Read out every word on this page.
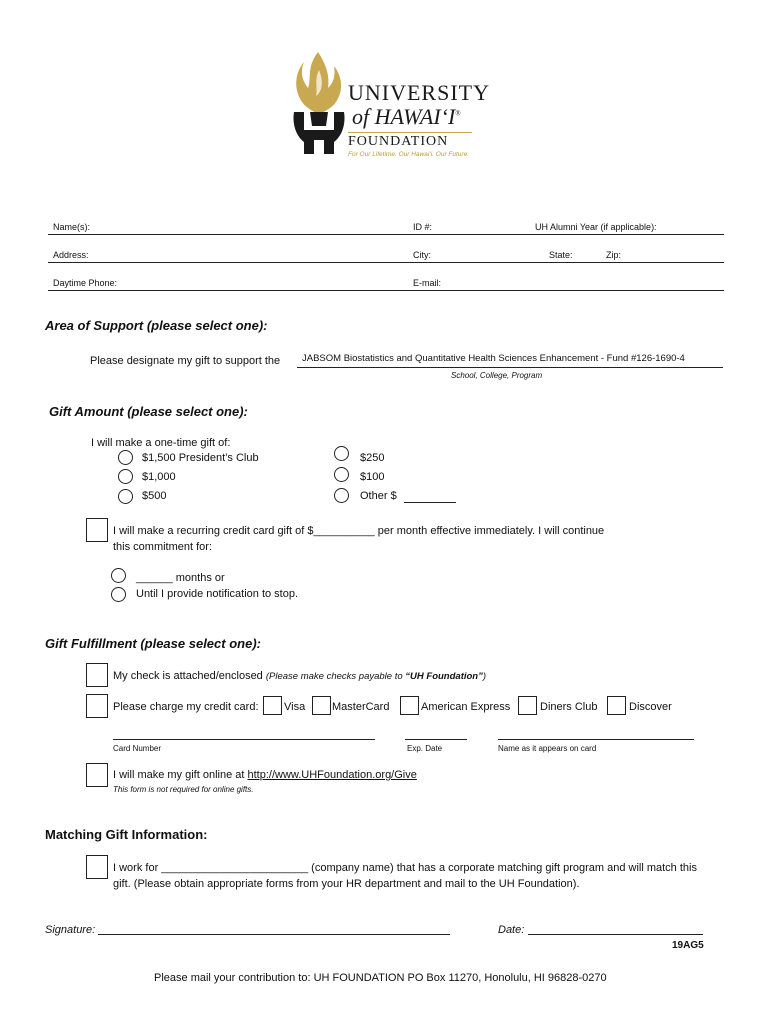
UNIVERSITY
of HAWAI‘I®
FOUNDATION
For Our Lifetime. Our Hawai‘i. Our Future.
Name(s):	ID #:	UH Alumni Year (if applicable):
Address:	City:	State:	Zip:
Daytime Phone:	E-mail:
Area of Support (please select one):
Please designate my gift to support the JABSOM Biostatistics and Quantitative Health Sciences Enhancement - Fund #126-1690-4
School, College, Program
Gift Amount (please select one):
I will make a one-time gift of:
$1,500 President’s Club
$1,000
$500
$250
$100
Other $
I will make a recurring credit card gift of $__________ per month effective immediately. I will continue
this commitment for:
______ months or
Until I provide notification to stop.
Gift Fulfillment (please select one):
My check is attached/enclosed (Please make checks payable to “UH Foundation”)
Please charge my credit card: Visa MasterCard	American Express	Diners Club	Discover
Card Number	Exp. Date	Name as it appears on card
I will make my gift online at http://www.UHFoundation.org/Give
This form is not required for online gifts.
Matching Gift Information:
I work for ________________________ (company name) that has a corporate matching gift program and will match this
gift. (Please obtain appropriate forms from your HR department and mail to the UH Foundation).
Signature:	Date:
19AG5
Please mail your contribution to: UH FOUNDATION PO Box 11270, Honolulu, HI 96828-0270
